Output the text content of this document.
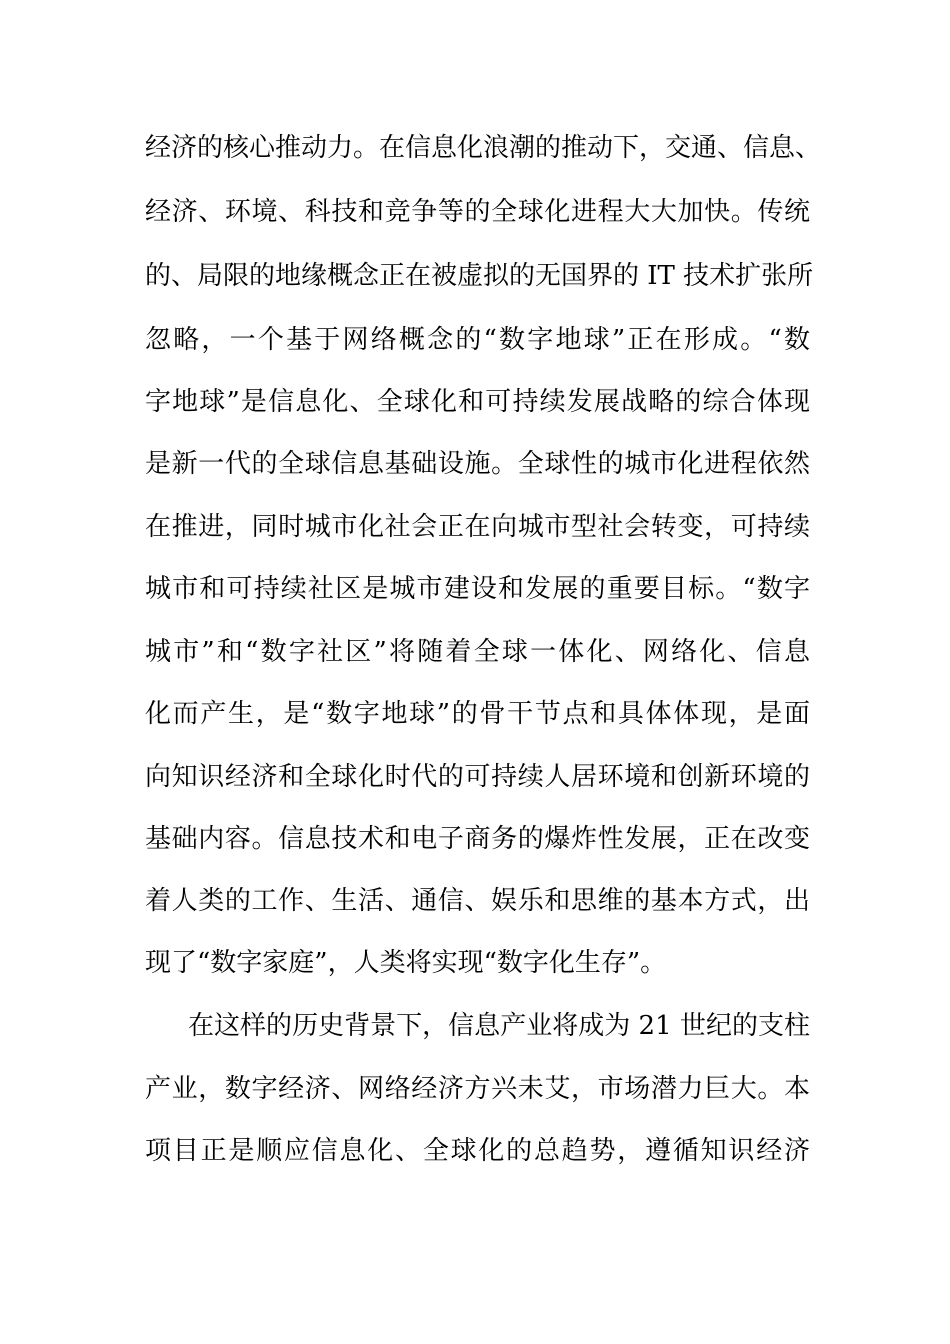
经济的核心推动力。在信息化浪潮的推动下，交通、信息、
经济、环境、科技和竞争等的全球化进程大大加快。传统
的、局限的地缘概念正在被虚拟的无国界的 IT 技术扩张所
忽略，一个基于网络概念的“数字地球”正在形成。“数
字地球”是信息化、全球化和可持续发展战略的综合体现
是新一代的全球信息基础设施。全球性的城市化进程依然
在推进，同时城市化社会正在向城市型社会转变，可持续
城市和可持续社区是城市建设和发展的重要目标。“数字
城市”和“数字社区”将随着全球一体化、网络化、信息
化而产生，是“数字地球”的骨干节点和具体体现，是面
向知识经济和全球化时代的可持续人居环境和创新环境的
基础内容。信息技术和电子商务的爆炸性发展，正在改变
着人类的工作、生活、通信、娱乐和思维的基本方式，出
现了“数字家庭”，人类将实现“数字化生存”。
在这样的历史背景下，信息产业将成为 21 世纪的支柱
产业，数字经济、网络经济方兴未艾，市场潜力巨大。本
项目正是顺应信息化、全球化的总趋势，遵循知识经济
